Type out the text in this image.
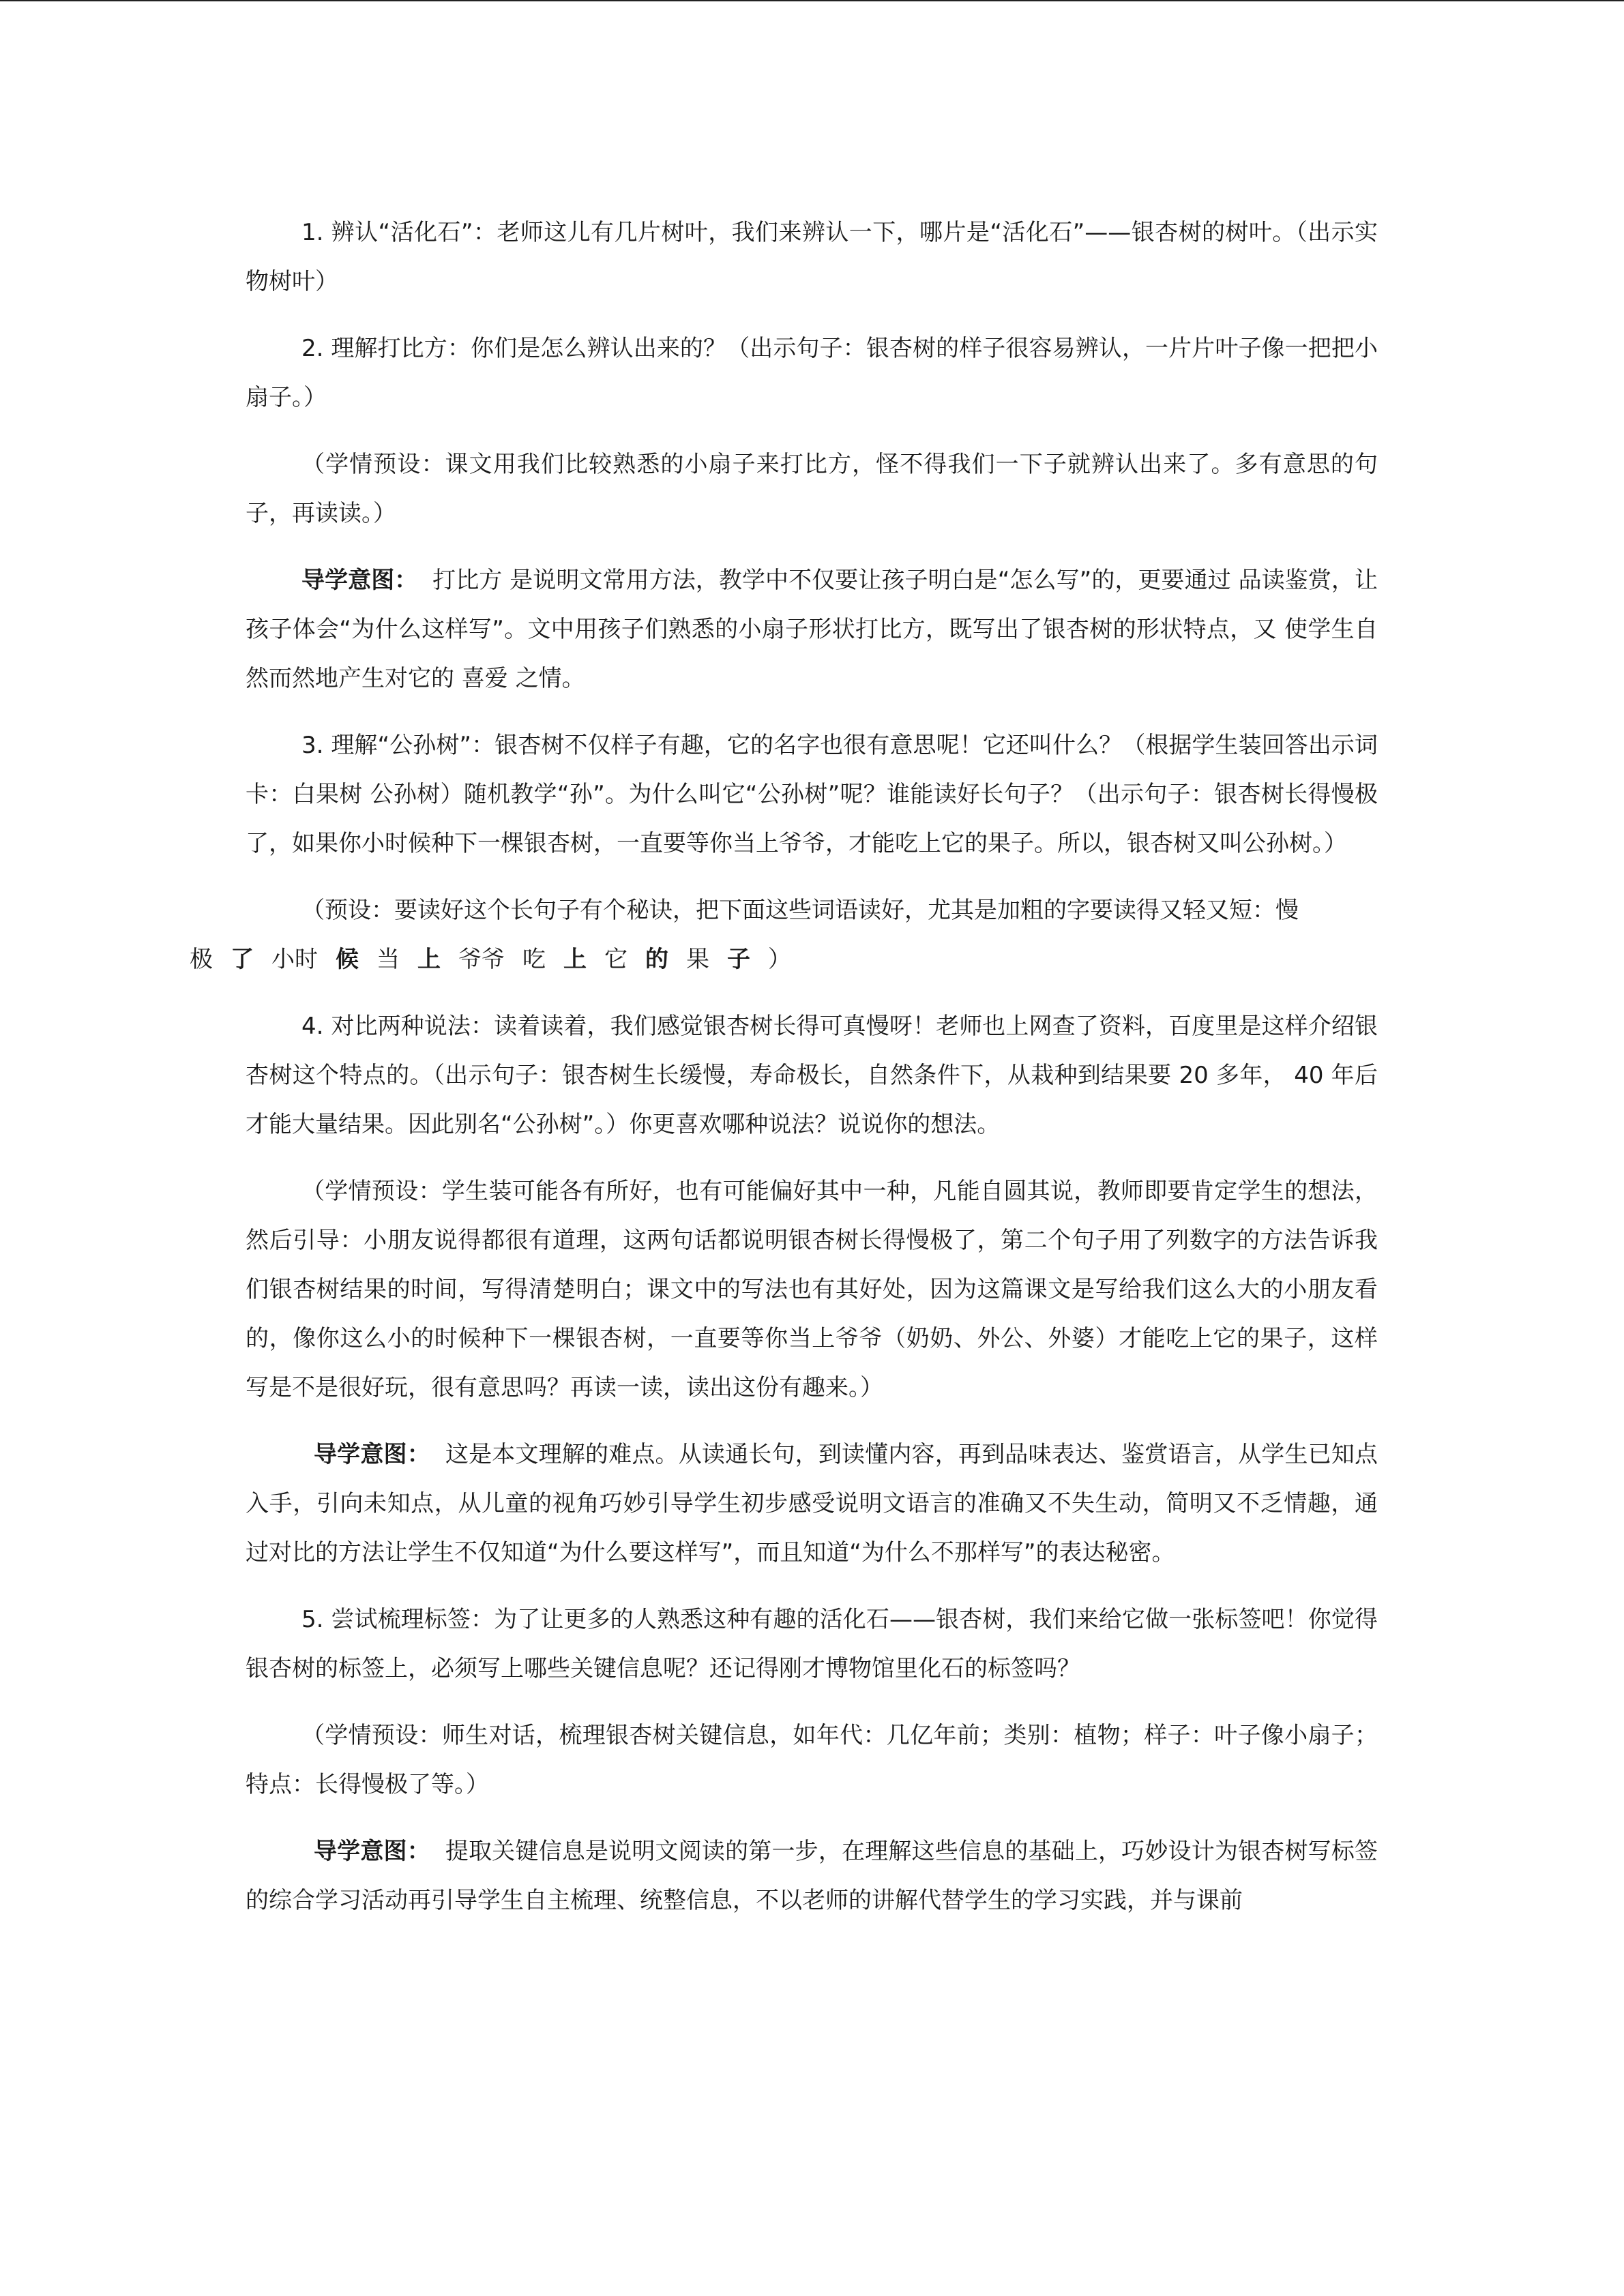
1. 辨认“活化石”：老师这儿有几片树叶，我们来辨认一下，哪片是“活化石”——银杏树的树叶。（出示实物树叶）

2. 理解打比方：你们是怎么辨认出来的？（出示句子：银杏树的样子很容易辨认，一片片叶子像一把把小扇子。）

（学情预设：课文用我们比较熟悉的小扇子来打比方，怪不得我们一下子就辨认出来了。多有意思的句子，再读读。）

导学意图： 打比方 是说明文常用方法，教学中不仅要让孩子明白是“怎么写”的，更要通过 品读鉴赏，让孩子体会“为什么这样写”。文中用孩子们熟悉的小扇子形状打比方，既写出了银杏树的形状特点，又 使学生自然而然地产生对它的 喜爱 之情。

3. 理解“公孙树”：银杏树不仅样子有趣，它的名字也很有意思呢！它还叫什么？（根据学生装回答出示词卡：白果树 公孙树）随机教学“孙”。为什么叫它“公孙树”呢？谁能读好长句子？（出示句子：银杏树长得慢极了，如果你小时候种下一棵银杏树，一直要等你当上爷爷，才能吃上它的果子。所以，银杏树又叫公孙树。）

（预设：要读好这个长句子有个秘诀，把下面这些词语读好，尤其是加粗的字要读得又轻又短：慢
极 了 小时 候 当 上 爷爷 吃 上 它 的 果 子 ）

4. 对比两种说法：读着读着，我们感觉银杏树长得可真慢呀！老师也上网查了资料，百度里是这样介绍银杏树这个特点的。（出示句子：银杏树生长缓慢，寿命极长，自然条件下，从栽种到结果要 20 多年， 40 年后才能大量结果。因此别名“公孙树”。）你更喜欢哪种说法？说说你的想法。

（学情预设：学生装可能各有所好，也有可能偏好其中一种，凡能自圆其说，教师即要肯定学生的想法，然后引导：小朋友说得都很有道理，这两句话都说明银杏树长得慢极了，第二个句子用了列数字的方法告诉我们银杏树结果的时间，写得清楚明白；课文中的写法也有其好处，因为这篇课文是写给我们这么大的小朋友看的，像你这么小的时候种下一棵银杏树，一直要等你当上爷爷（奶奶、外公、外婆）才能吃上它的果子，这样写是不是很好玩，很有意思吗？再读一读，读出这份有趣来。）

导学意图： 这是本文理解的难点。从读通长句，到读懂内容，再到品味表达、鉴赏语言，从学生已知点入手，引向未知点，从儿童的视角巧妙引导学生初步感受说明文语言的准确又不失生动，简明又不乏情趣，通过对比的方法让学生不仅知道“为什么要这样写”，而且知道“为什么不那样写”的表达秘密。

5. 尝试梳理标签：为了让更多的人熟悉这种有趣的活化石——银杏树，我们来给它做一张标签吧！你觉得银杏树的标签上，必须写上哪些关键信息呢？还记得刚才博物馆里化石的标签吗？

（学情预设：师生对话，梳理银杏树关键信息，如年代：几亿年前；类别：植物；样子：叶子像小扇子；特点：长得慢极了等。）

导学意图： 提取关键信息是说明文阅读的第一步，在理解这些信息的基础上，巧妙设计为银杏树写标签的综合学习活动再引导学生自主梳理、统整信息，不以老师的讲解代替学生的学习实践，并与课前
